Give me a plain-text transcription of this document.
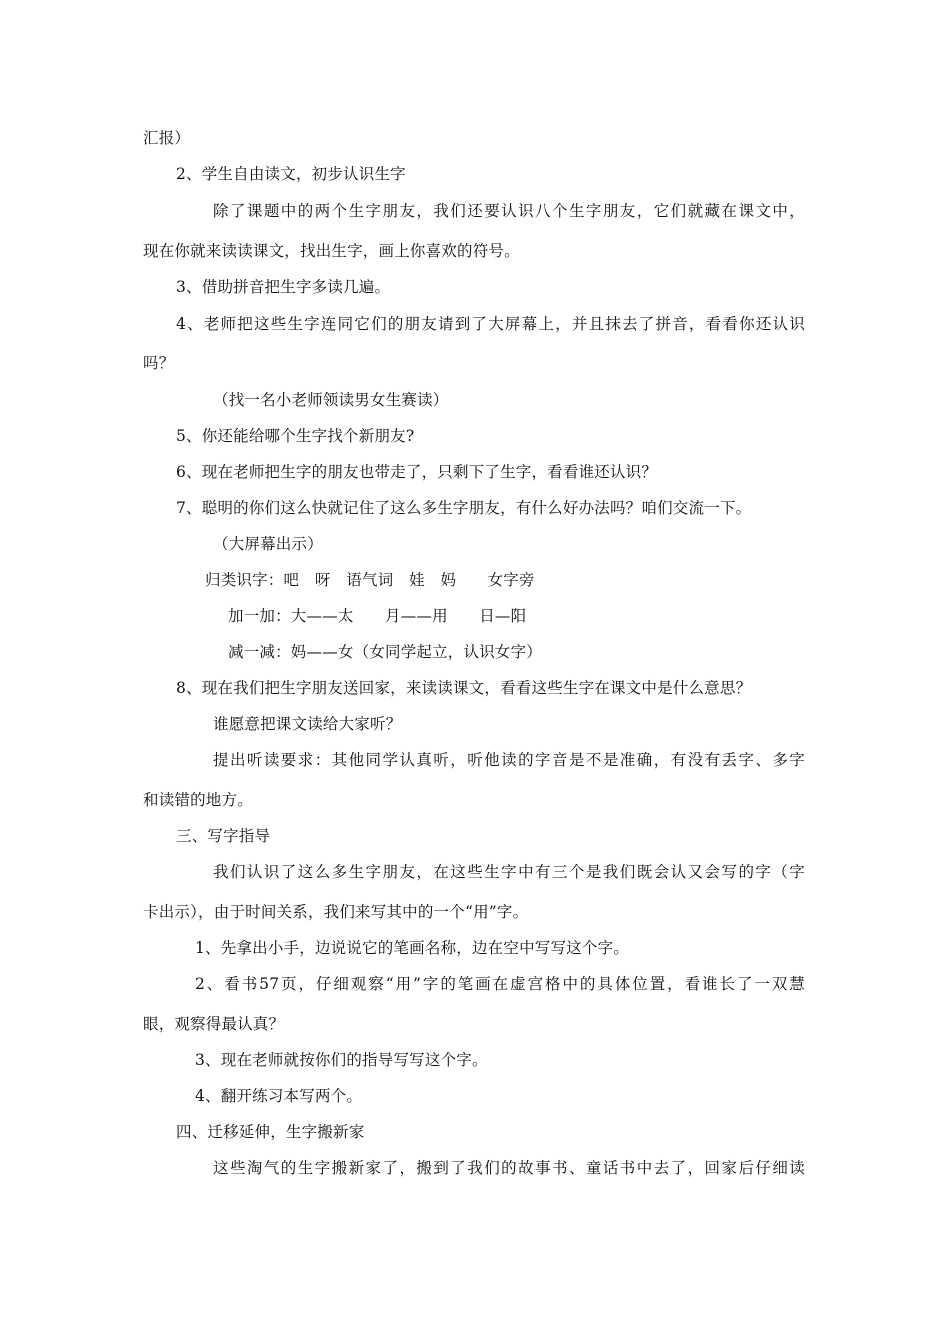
汇报）
2、学生自由读文，初步认识生字
除了课题中的两个生字朋友，我们还要认识八个生字朋友，它们就藏在课文中，
现在你就来读读课文，找出生字，画上你喜欢的符号。
3、借助拼音把生字多读几遍。
4、老师把这些生字连同它们的朋友请到了大屏幕上，并且抹去了拼音，看看你还认识
吗？
（找一名小老师领读男女生赛读）
5、你还能给哪个生字找个新朋友?
6、现在老师把生字的朋友也带走了，只剩下了生字，看看谁还认识？
7、聪明的你们这么快就记住了这么多生字朋友，有什么好办法吗？咱们交流一下。
（大屏幕出示）
归类识字：吧　呀　语气词　娃　妈　　女字旁
加一加：大——太　　月——用　　日—阳
减一减：妈——女（女同学起立，认识女字）
8、现在我们把生字朋友送回家，来读读课文，看看这些生字在课文中是什么意思？
谁愿意把课文读给大家听？
提出听读要求：其他同学认真听，听他读的字音是不是准确，有没有丢字、多字
和读错的地方。
三、写字指导
我们认识了这么多生字朋友，在这些生字中有三个是我们既会认又会写的字（字
卡出示），由于时间关系，我们来写其中的一个“用”字。
1、先拿出小手，边说说它的笔画名称，边在空中写写这个字。
2、看书57页，仔细观察“用”字的笔画在虚宫格中的具体位置，看谁长了一双慧
眼，观察得最认真？
3、现在老师就按你们的指导写写这个字。
4、翻开练习本写两个。
四、迁移延伸，生字搬新家
这些淘气的生字搬新家了，搬到了我们的故事书、童话书中去了，回家后仔细读
